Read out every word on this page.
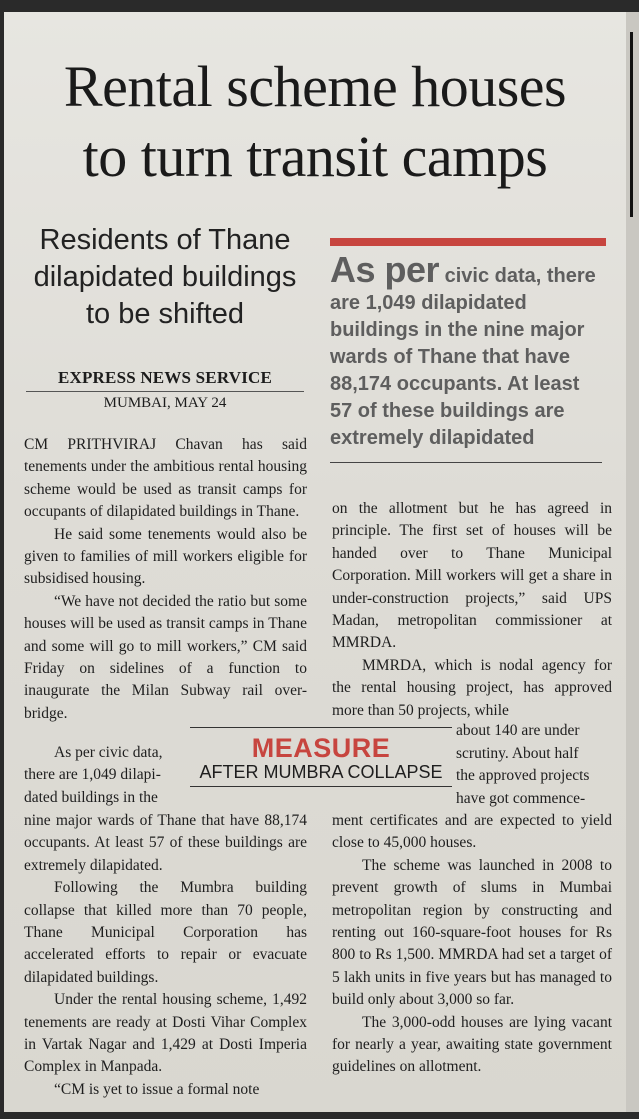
Rental scheme houses
to turn transit camps
Residents of Thane
dilapidated buildings
to be shifted
EXPRESS NEWS SERVICE
MUMBAI, MAY 24
As per civic data, there are 1,049 dilapidated buildings in the nine major wards of Thane that have 88,174 occupants. At least 57 of these buildings are extremely dilapidated

CM PRITHVIRAJ Chavan has said tenements under the ambitious rental housing scheme would be used as transit camps for occupants of dilapidated buildings in Thane.

He said some tenements would also be given to families of mill workers eligible for subsidised housing.

“We have not decided the ratio but some houses will be used as transit camps in Thane and some will go to mill workers,” CM said Friday on sidelines of a function to inaugurate the Milan Subway rail over-bridge.

As per civic data,
there are 1,049 dilapi-
dated buildings in the

nine major wards of Thane that have 88,174 occupants. At least 57 of these buildings are extremely dilapidated.

Following the Mumbra building collapse that killed more than 70 people, Thane Municipal Corporation has accelerated efforts to repair or evacuate dilapidated buildings.

Under the rental housing scheme, 1,492 tenements are ready at Dosti Vihar Complex in Vartak Nagar and 1,429 at Dosti Imperia Complex in Manpada.

“CM is yet to issue a formal note

on the allotment but he has agreed in principle. The first set of houses will be handed over to Thane Municipal Corporation. Mill workers will get a share in under-construction projects,” said UPS Madan, metropolitan commissioner at MMRDA.

MMRDA, which is nodal agency for the rental housing project, has approved more than 50 projects, while

about 140 are under
scrutiny. About half
the approved projects
have got commence-

ment certificates and are expected to yield close to 45,000 houses.

The scheme was launched in 2008 to prevent growth of slums in Mumbai metropolitan region by constructing and renting out 160-square-foot houses for Rs 800 to Rs 1,500. MMRDA had set a target of 5 lakh units in five years but has managed to build only about 3,000 so far.

The 3,000-odd houses are lying vacant for nearly a year, awaiting state government guidelines on allotment.

MEASURE
AFTER MUMBRA COLLAPSE
